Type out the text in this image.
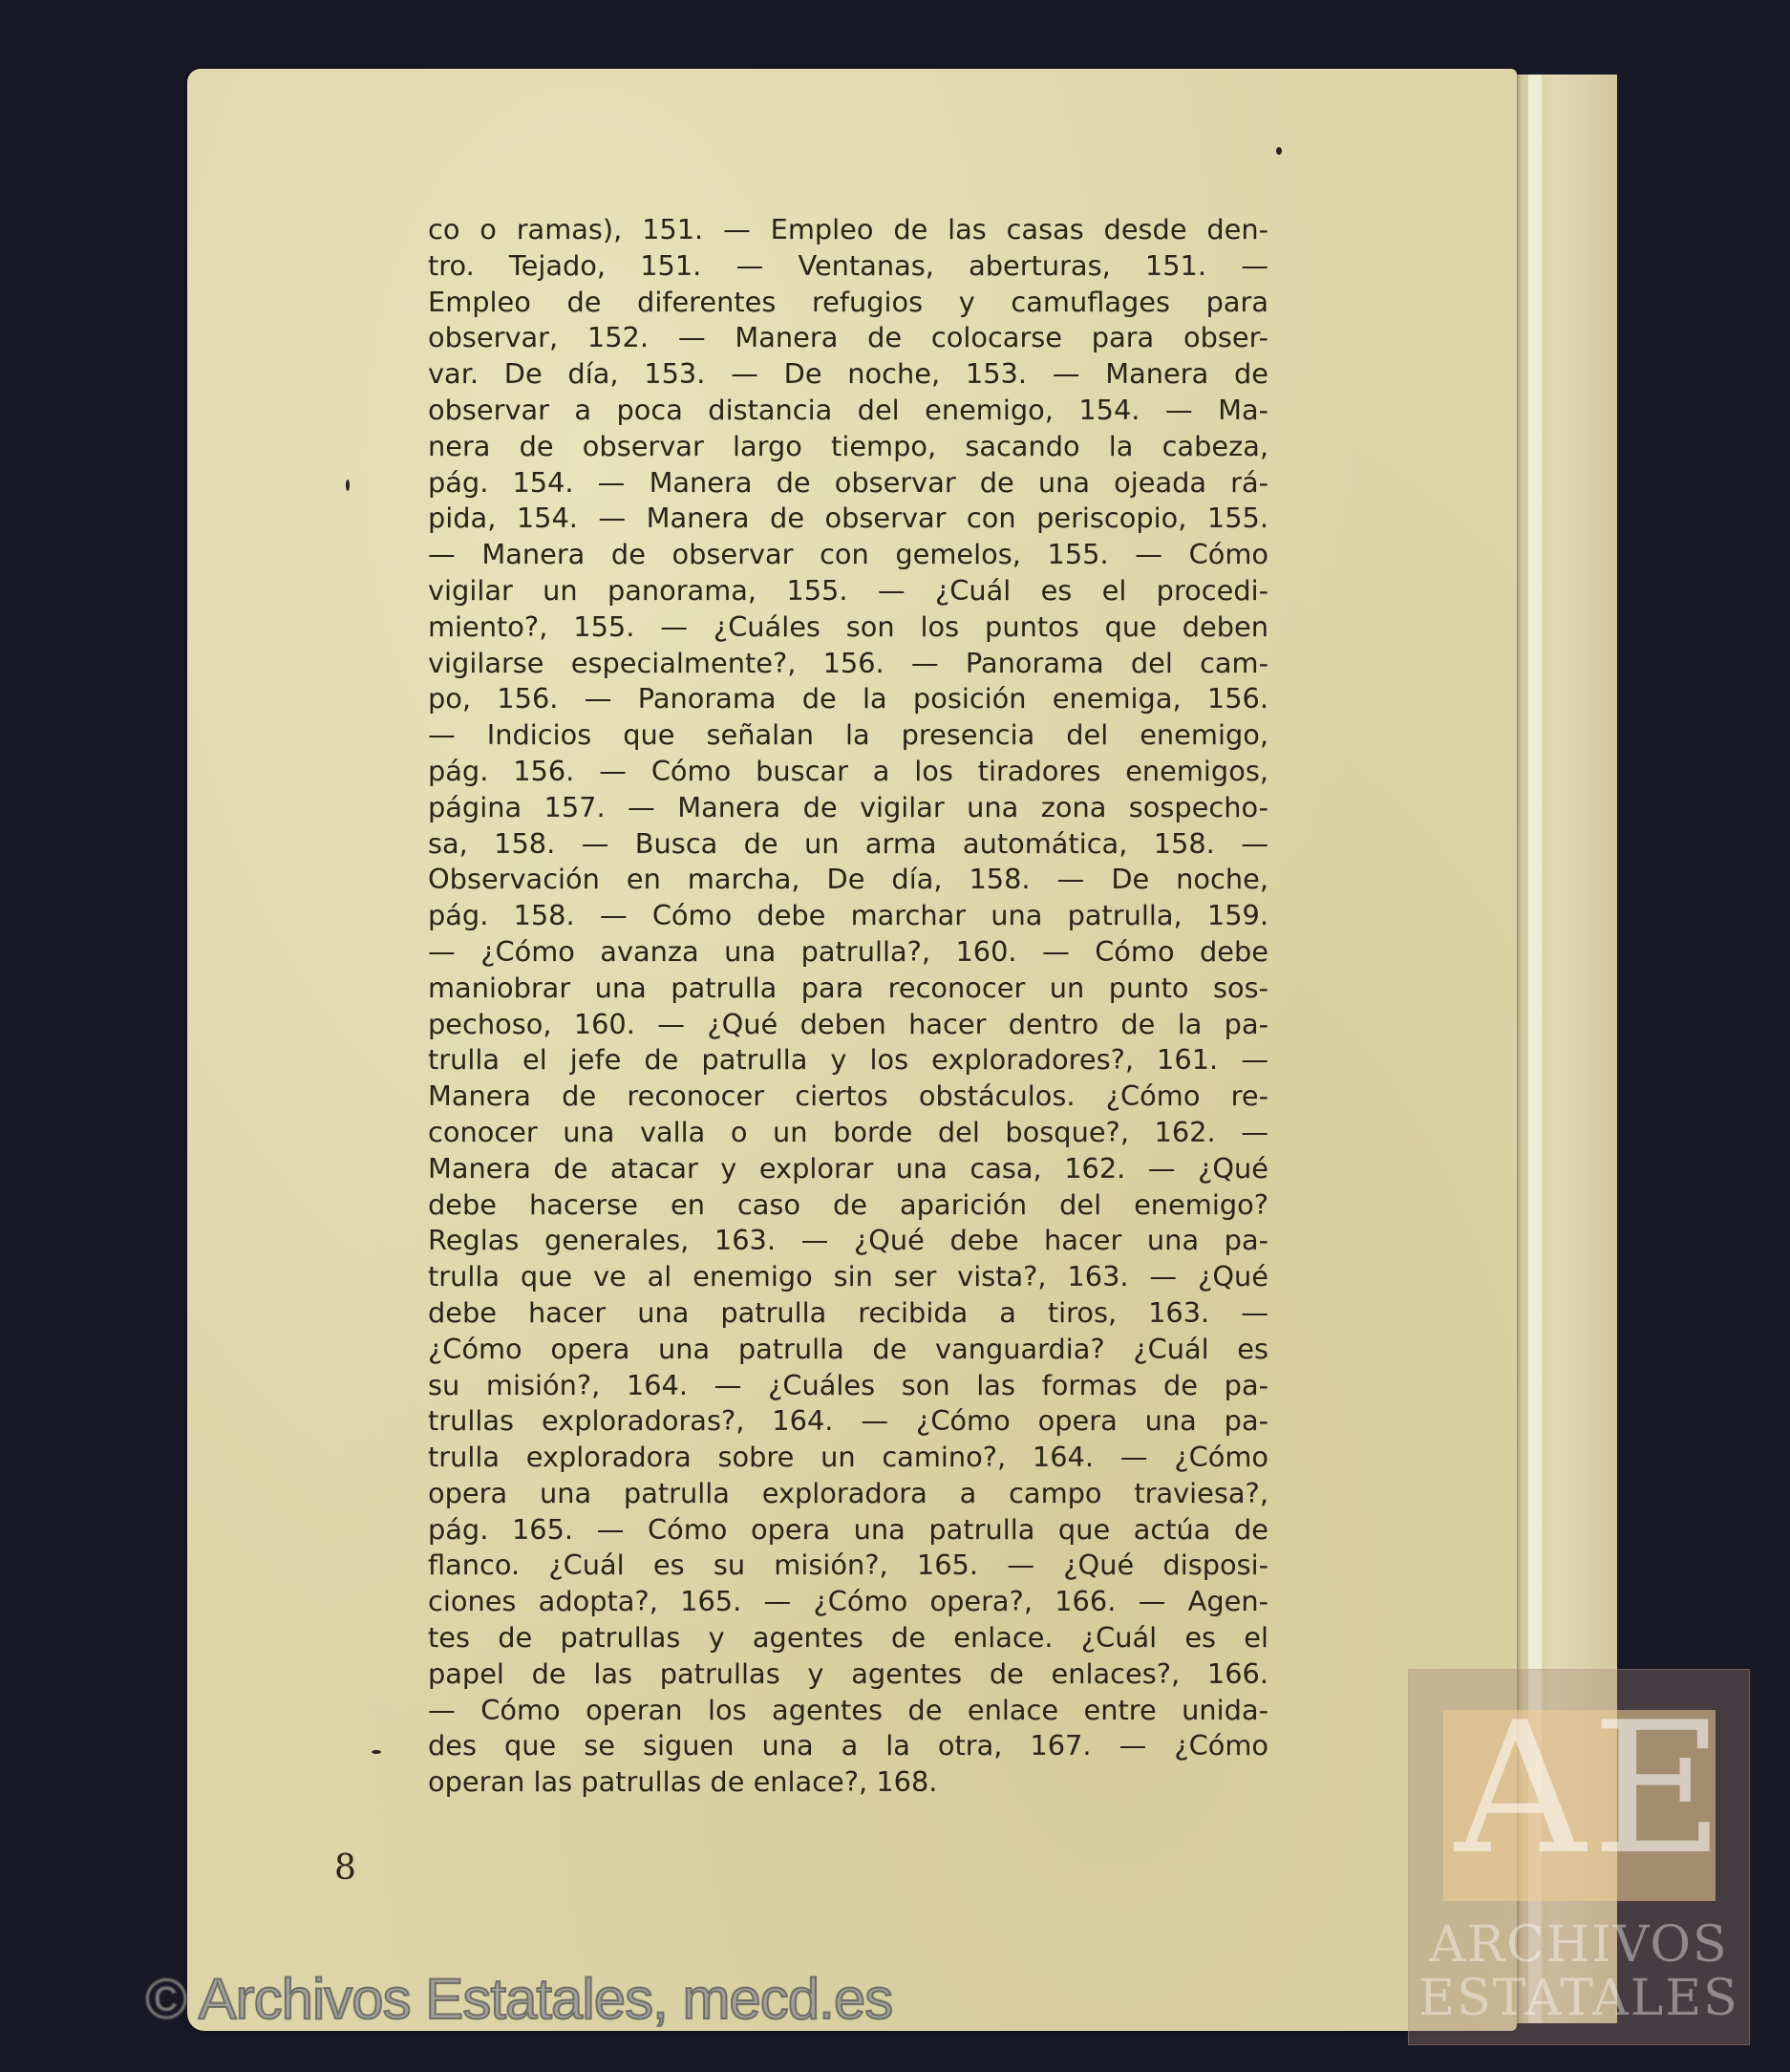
co o ramas), 151. — Empleo de las casas desde den-
tro. Tejado, 151. — Ventanas, aberturas, 151. —
Empleo de diferentes refugios y camuflages para
observar, 152. — Manera de colocarse para obser-
var. De día, 153. — De noche, 153. — Manera de
observar a poca distancia del enemigo, 154. — Ma-
nera de observar largo tiempo, sacando la cabeza,
pág. 154. — Manera de observar de una ojeada rá-
pida, 154. — Manera de observar con periscopio, 155.
— Manera de observar con gemelos, 155. — Cómo
vigilar un panorama, 155. — ¿Cuál es el procedi-
miento?, 155. — ¿Cuáles son los puntos que deben
vigilarse especialmente?, 156. — Panorama del cam-
po, 156. — Panorama de la posición enemiga, 156.
— Indicios que señalan la presencia del enemigo,
pág. 156. — Cómo buscar a los tiradores enemigos,
página 157. — Manera de vigilar una zona sospecho-
sa, 158. — Busca de un arma automática, 158. —
Observación en marcha, De día, 158. — De noche,
pág. 158. — Cómo debe marchar una patrulla, 159.
— ¿Cómo avanza una patrulla?, 160. — Cómo debe
maniobrar una patrulla para reconocer un punto sos-
pechoso, 160. — ¿Qué deben hacer dentro de la pa-
trulla el jefe de patrulla y los exploradores?, 161. —
Manera de reconocer ciertos obstáculos. ¿Cómo re-
conocer una valla o un borde del bosque?, 162. —
Manera de atacar y explorar una casa, 162. — ¿Qué
debe hacerse en caso de aparición del enemigo?
Reglas generales, 163. — ¿Qué debe hacer una pa-
trulla que ve al enemigo sin ser vista?, 163. — ¿Qué
debe hacer una patrulla recibida a tiros, 163. —
¿Cómo opera una patrulla de vanguardia? ¿Cuál es
su misión?, 164. — ¿Cuáles son las formas de pa-
trullas exploradoras?, 164. — ¿Cómo opera una pa-
trulla exploradora sobre un camino?, 164. — ¿Cómo
opera una patrulla exploradora a campo traviesa?,
pág. 165. — Cómo opera una patrulla que actúa de
flanco. ¿Cuál es su misión?, 165. — ¿Qué disposi-
ciones adopta?, 165. — ¿Cómo opera?, 166. — Agen-
tes de patrullas y agentes de enlace. ¿Cuál es el
papel de las patrullas y agentes de enlaces?, 166.
— Cómo operan los agentes de enlace entre unida-
des que se siguen una a la otra, 167. — ¿Cómo
operan las patrullas de enlace?, 168.
8	AE
ARCHIVOS
ESTATALES
© Archivos Estatales, mecd.es
